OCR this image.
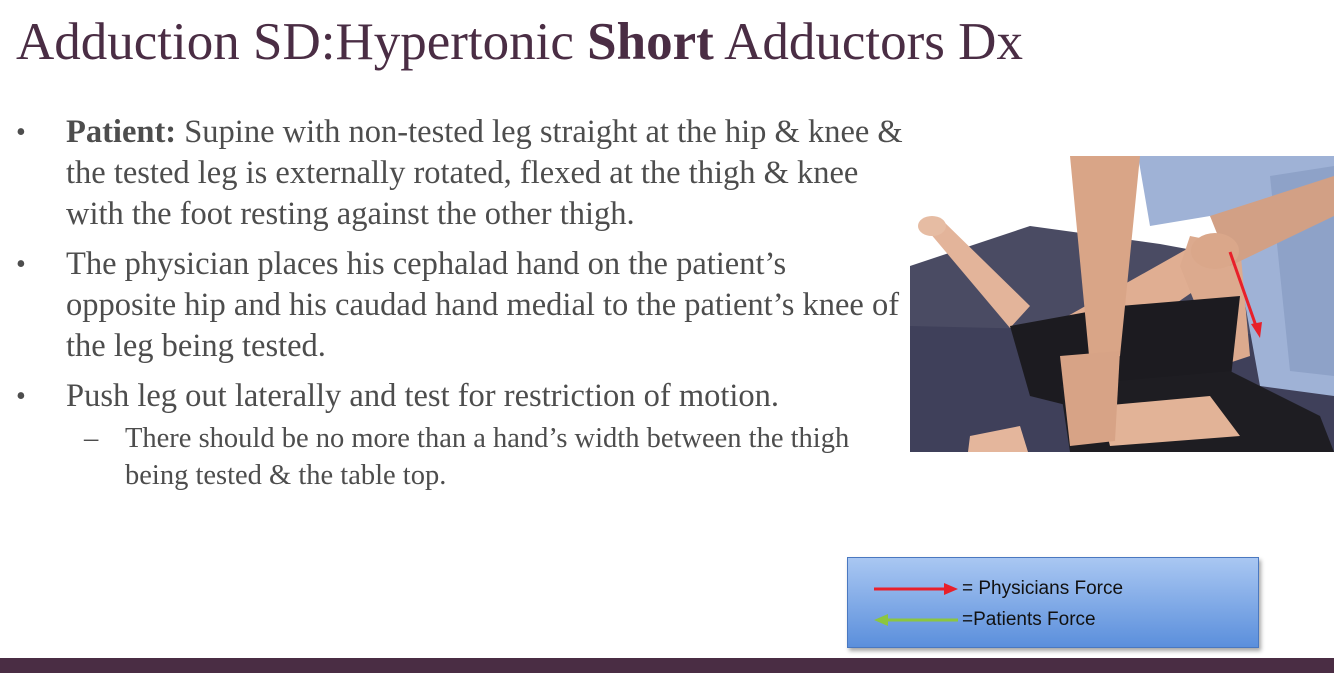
Adduction SD:Hypertonic Short Adductors Dx
• Patient: Supine with non-tested leg straight at the hip & knee & the tested leg is externally rotated, flexed at the thigh & knee with the foot resting against the other thigh.
• The physician places his cephalad hand on the patient’s opposite hip and his caudad hand medial to the patient’s knee of the leg being tested.
• Push leg out laterally and test for restriction of motion.
– There should be no more than a hand’s width between the thigh being tested & the table top.
= Physicians Force
=Patients Force
